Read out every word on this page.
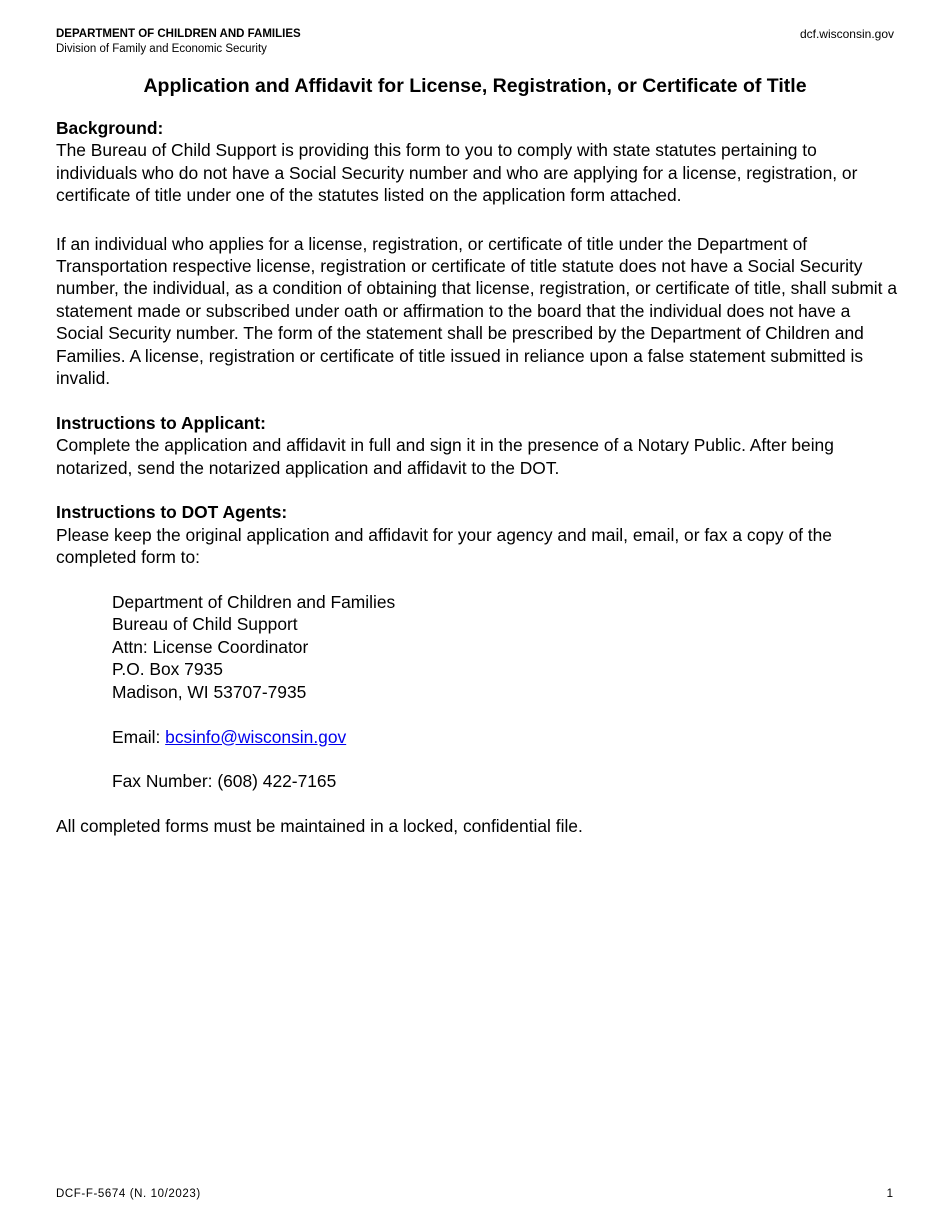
DEPARTMENT OF CHILDREN AND FAMILIES
Division of Family and Economic Security
dcf.wisconsin.gov
Application and Affidavit for License, Registration, or Certificate of Title

Background:

The Bureau of Child Support is providing this form to you to comply with state statutes pertaining to individuals who do not have a Social Security number and who are applying for a license, registration, or certificate of title under one of the statutes listed on the application form attached.

If an individual who applies for a license, registration, or certificate of title under the Department of Transportation respective license, registration or certificate of title statute does not have a Social Security number, the individual, as a condition of obtaining that license, registration, or certificate of title, shall submit a statement made or subscribed under oath or affirmation to the board that the individual does not have a Social Security number. The form of the statement shall be prescribed by the Department of Children and Families. A license, registration or certificate of title issued in reliance upon a false statement submitted is invalid.

Instructions to Applicant:

Complete the application and affidavit in full and sign it in the presence of a Notary Public. After being notarized, send the notarized application and affidavit to the DOT.

Instructions to DOT Agents:

Please keep the original application and affidavit for your agency and mail, email, or fax a copy of the completed form to:

Department of Children and Families

Bureau of Child Support

Attn: License Coordinator

P.O. Box 7935

Madison, WI 53707-7935

Email: bcsinfo@wisconsin.gov

Fax Number: (608) 422-7165

All completed forms must be maintained in a locked, confidential file.

DCF-F-5674 (N. 10/2023)	1
